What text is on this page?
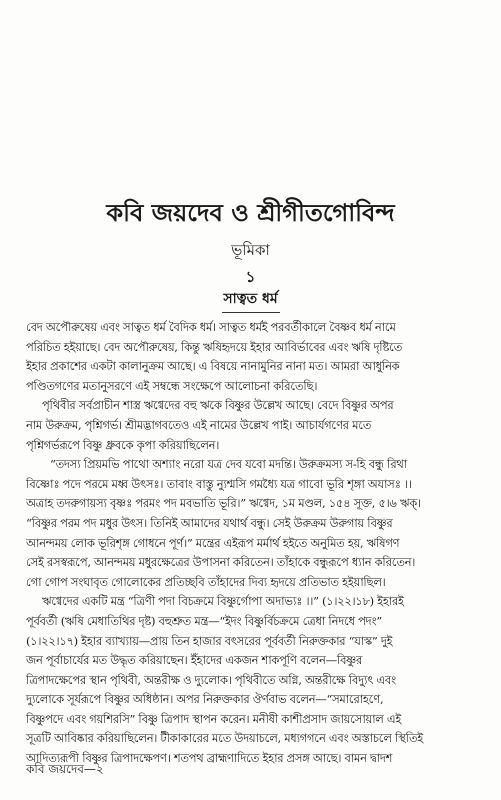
কবি জয়দেব ও শ্রীগীতগোবিন্দ
ভূমিকা
১
সাত্বত ধর্ম
বেদ অপৌরুষেয় এবং সাত্বত ধর্ম বৈদিক ধর্ম। সাত্বত ধর্মই পরবর্তীকালে বৈষ্ণব ধর্ম নামে
পরিচিত হইয়াছে। বেদ অপৌরুষেয়, কিন্তু ঋষিহৃদয়ে ইহার আবির্ভাবের এবং ঋষি দৃষ্টিতে
ইহার প্রকাশের একটা কালানুক্রম আছে। এ বিষয়ে নানামুনির নানা মত। আমরা আধুনিক
পণ্ডিতগণের মতানুসরণে এই সম্বন্ধে সংক্ষেপে আলোচনা করিতেছি।
পৃথিবীর সর্বপ্রাচীন শাস্ত্র ঋগ্বেদের বহু ঋকে বিষ্ণুর উল্লেখ আছে। বেদে বিষ্ণুর অপর
নাম উরুক্রম, পৃশ্নিগর্ভ। শ্রীমদ্ভাগবতেও এই নামের উল্লেখ পাই। আচার্যগণের মতে
পৃশ্নিগর্ভরূপে বিষ্ণু ধ্রুবকে কৃপা করিয়াছিলেন।
“তদস্য প্রিয়মভি পাথো অশ্যাং নরো যত্র দেব যবো মদন্তি। উরুক্রমস্য স-হি বন্ধু রিথা
বিষ্ণোঃ পদে পরমে মধ্ব উৎসঃ। তাবাং বাস্তু ন্যুশ্মসি গমধ্যৈ যত্র গাবো ভূরি শৃঙ্গা অযাসঃ ।।
অত্রাহ তদরুগায়স্য বৃষ্ণঃ পরমং পদ মবভাতি ভূরি।” ঋগ্বেদ, ১ম মণ্ডল, ১৫৪ সূক্ত, ৫।৬ ঋক্।
“বিষ্ণুর পরম পদ মধুর উৎস। তিনিই আমাদের যথার্থ বন্ধু। সেই উরুক্রম উরুগায় বিষ্ণুর
আনন্দময় লোক ভূরিশৃঙ্গ গোধনে পূর্ণ।” মন্ত্রের এইরূপ মর্মার্থ হইতে অনুমিত হয়, ঋষিগণ
সেই রসস্বরূপে, আনন্দময় মধুরক্ষেত্রের উপাসনা করিতেন। তাঁহাকে বন্ধুরূপে ধ্যান করিতেন।
গো গোপ সংঘাবৃত গোলোকের প্রতিচ্ছবি তাঁহাদের দিব্য হৃদয়ে প্রতিভাত হইয়াছিল।
ঋগ্বেদের একটি মন্ত্র “ত্রিণী পদা বিচক্রমে বিষ্ণুর্গোপা অদাভ্যঃ ।।” (১।২২।১৮) ইহারই
পূর্ববর্তী (ঋষি মেধাতিথির দৃষ্ট) বহুশ্রুত মন্ত্র—“ইদং বিষ্ণুর্বিচক্রমে ত্রেধা নিদধে পদং”
(১।২২।১৭) ইহার ব্যাখ্যায়—প্রায় তিন হাজার বৎসরের পূর্ববর্তী নিরুক্তকার “যাস্ক” দুই
জন পূর্বাচার্যের মত উদ্ধৃত করিয়াছেন। ইঁহাদের একজন শাকপূণি বলেন—বিষ্ণুর
ত্রিপাদক্ষেপের স্থান পৃথিবী, অন্তরীক্ষ ও দ্যুলোক। পৃথিবীতে অগ্নি, অন্তরীক্ষে বিদ্যুৎ এবং
দ্যুলোকে সূর্যরূপে বিষ্ণুর অধিষ্ঠান। অপর নিরুক্তকার ঔর্ণবাভ বলেন—“সমারোহণে,
বিষ্ণুপদে এবং গয়শিরসি” বিষ্ণু ত্রিপাদ স্থাপন করেন। মনীষী কাশীপ্রসাদ জায়সোয়াল এই
সূত্রটি আবিষ্কার করিয়াছিলেন। টীকাকারের মতে উদয়াচলে, মধ্যগগনে এবং অস্তাচলে স্থিতিই
আদিত্যরূপী বিষ্ণুর ত্রিপাদক্ষেপণ। শতপথ ব্রাহ্মণাদিতে ইহার প্রসঙ্গ আছে। বামন দ্বাদশ
কবি জয়দেব—২
